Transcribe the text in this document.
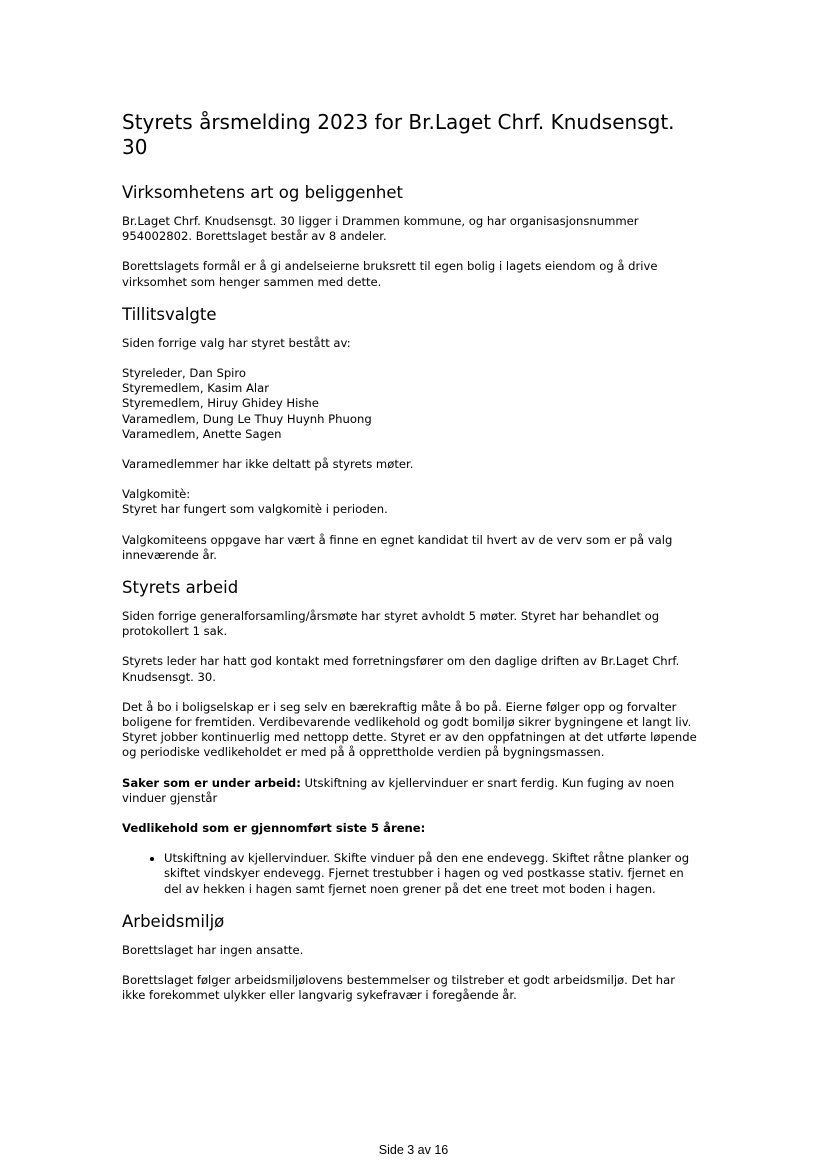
Styrets årsmelding 2023 for Br.Laget Chrf. Knudsensgt. 30
Virksomhetens art og beliggenhet

Br.Laget Chrf. Knudsensgt. 30 ligger i Drammen kommune, og har organisasjonsnummer 954002802. Borettslaget består av 8 andeler.

Borettslagets formål er å gi andelseierne bruksrett til egen bolig i lagets eiendom og å drive virksomhet som henger sammen med dette.

Tillitsvalgte

Siden forrige valg har styret bestått av:

Styreleder, Dan Spiro
Styremedlem, Kasim Alar
Styremedlem, Hiruy Ghidey Hishe
Varamedlem, Dung Le Thuy Huynh Phuong
Varamedlem, Anette Sagen

Varamedlemmer har ikke deltatt på styrets møter.

Valgkomitè:
Styret har fungert som valgkomitè i perioden.

Valgkomiteens oppgave har vært å finne en egnet kandidat til hvert av de verv som er på valg inneværende år.

Styrets arbeid

Siden forrige generalforsamling/årsmøte har styret avholdt 5 møter. Styret har behandlet og protokollert 1 sak.

Styrets leder har hatt god kontakt med forretningsfører om den daglige driften av Br.Laget Chrf. Knudsensgt. 30.

Det å bo i boligselskap er i seg selv en bærekraftig måte å bo på. Eierne følger opp og forvalter boligene for fremtiden. Verdibevarende vedlikehold og godt bomiljø sikrer bygningene et langt liv. Styret jobber kontinuerlig med nettopp dette. Styret er av den oppfatningen at det utførte løpende og periodiske vedlikeholdet er med på å opprettholde verdien på bygningsmassen.

Saker som er under arbeid: Utskiftning av kjellervinduer er snart ferdig. Kun fuging av noen vinduer gjenstår

Vedlikehold som er gjennomført siste 5 årene:

• Utskiftning av kjellervinduer. Skifte vinduer på den ene endevegg. Skiftet råtne planker og skiftet vindskyer endevegg. Fjernet trestubber i hagen og ved postkasse stativ. fjernet en del av hekken i hagen samt fjernet noen grener på det ene treet mot boden i hagen.
Arbeidsmiljø

Borettslaget har ingen ansatte.

Borettslaget følger arbeidsmiljølovens bestemmelser og tilstreber et godt arbeidsmiljø. Det har ikke forekommet ulykker eller langvarig sykefravær i foregående år.

Side 3 av 16
